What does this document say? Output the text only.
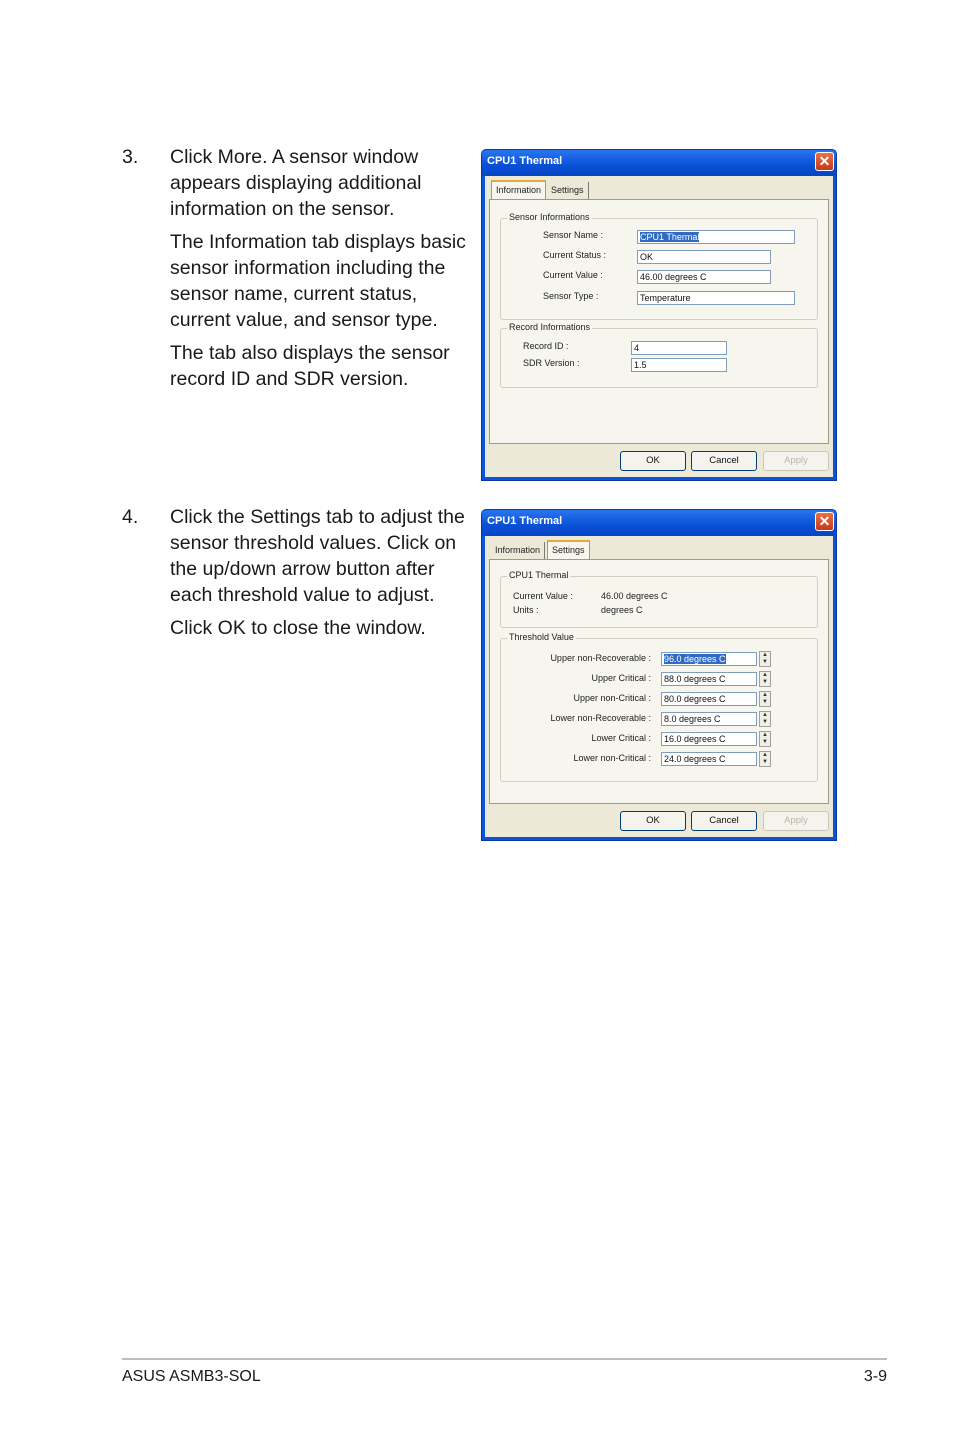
3. Click More. A sensor window appears displaying additional information on the sensor.

The Information tab displays basic sensor information including the sensor name, current status, current value, and sensor type.

The tab also displays the sensor record ID and SDR version.

4. Click the Settings tab to adjust the sensor threshold values. Click on the up/down arrow button after each threshold value to adjust.

Click OK to close the window.

CPU1 Thermal	✕
Information	Settings
Sensor Informations
Sensor Name :	CPU1 Thermal
Current Status :	OK
Current Value :	46.00 degrees C
Sensor Type :	Temperature
Record Informations
Record ID :	4
SDR Version :	1.5
OK	Cancel	Apply
CPU1 Thermal	✕
Information	Settings
CPU1 Thermal
Current Value :	46.00 degrees C
Units :	degrees C
Threshold Value
Upper non-Recoverable :	96.0 degrees C	▲
▼
Upper Critical :	88.0 degrees C	▲
▼
Upper non-Critical :	80.0 degrees C	▲
▼
Lower non-Recoverable :	8.0 degrees C	▲
▼
Lower Critical :	16.0 degrees C	▲
▼
Lower non-Critical :	24.0 degrees C	▲
▼
OK	Cancel	Apply
ASUS ASMB3-SOL	3-9
